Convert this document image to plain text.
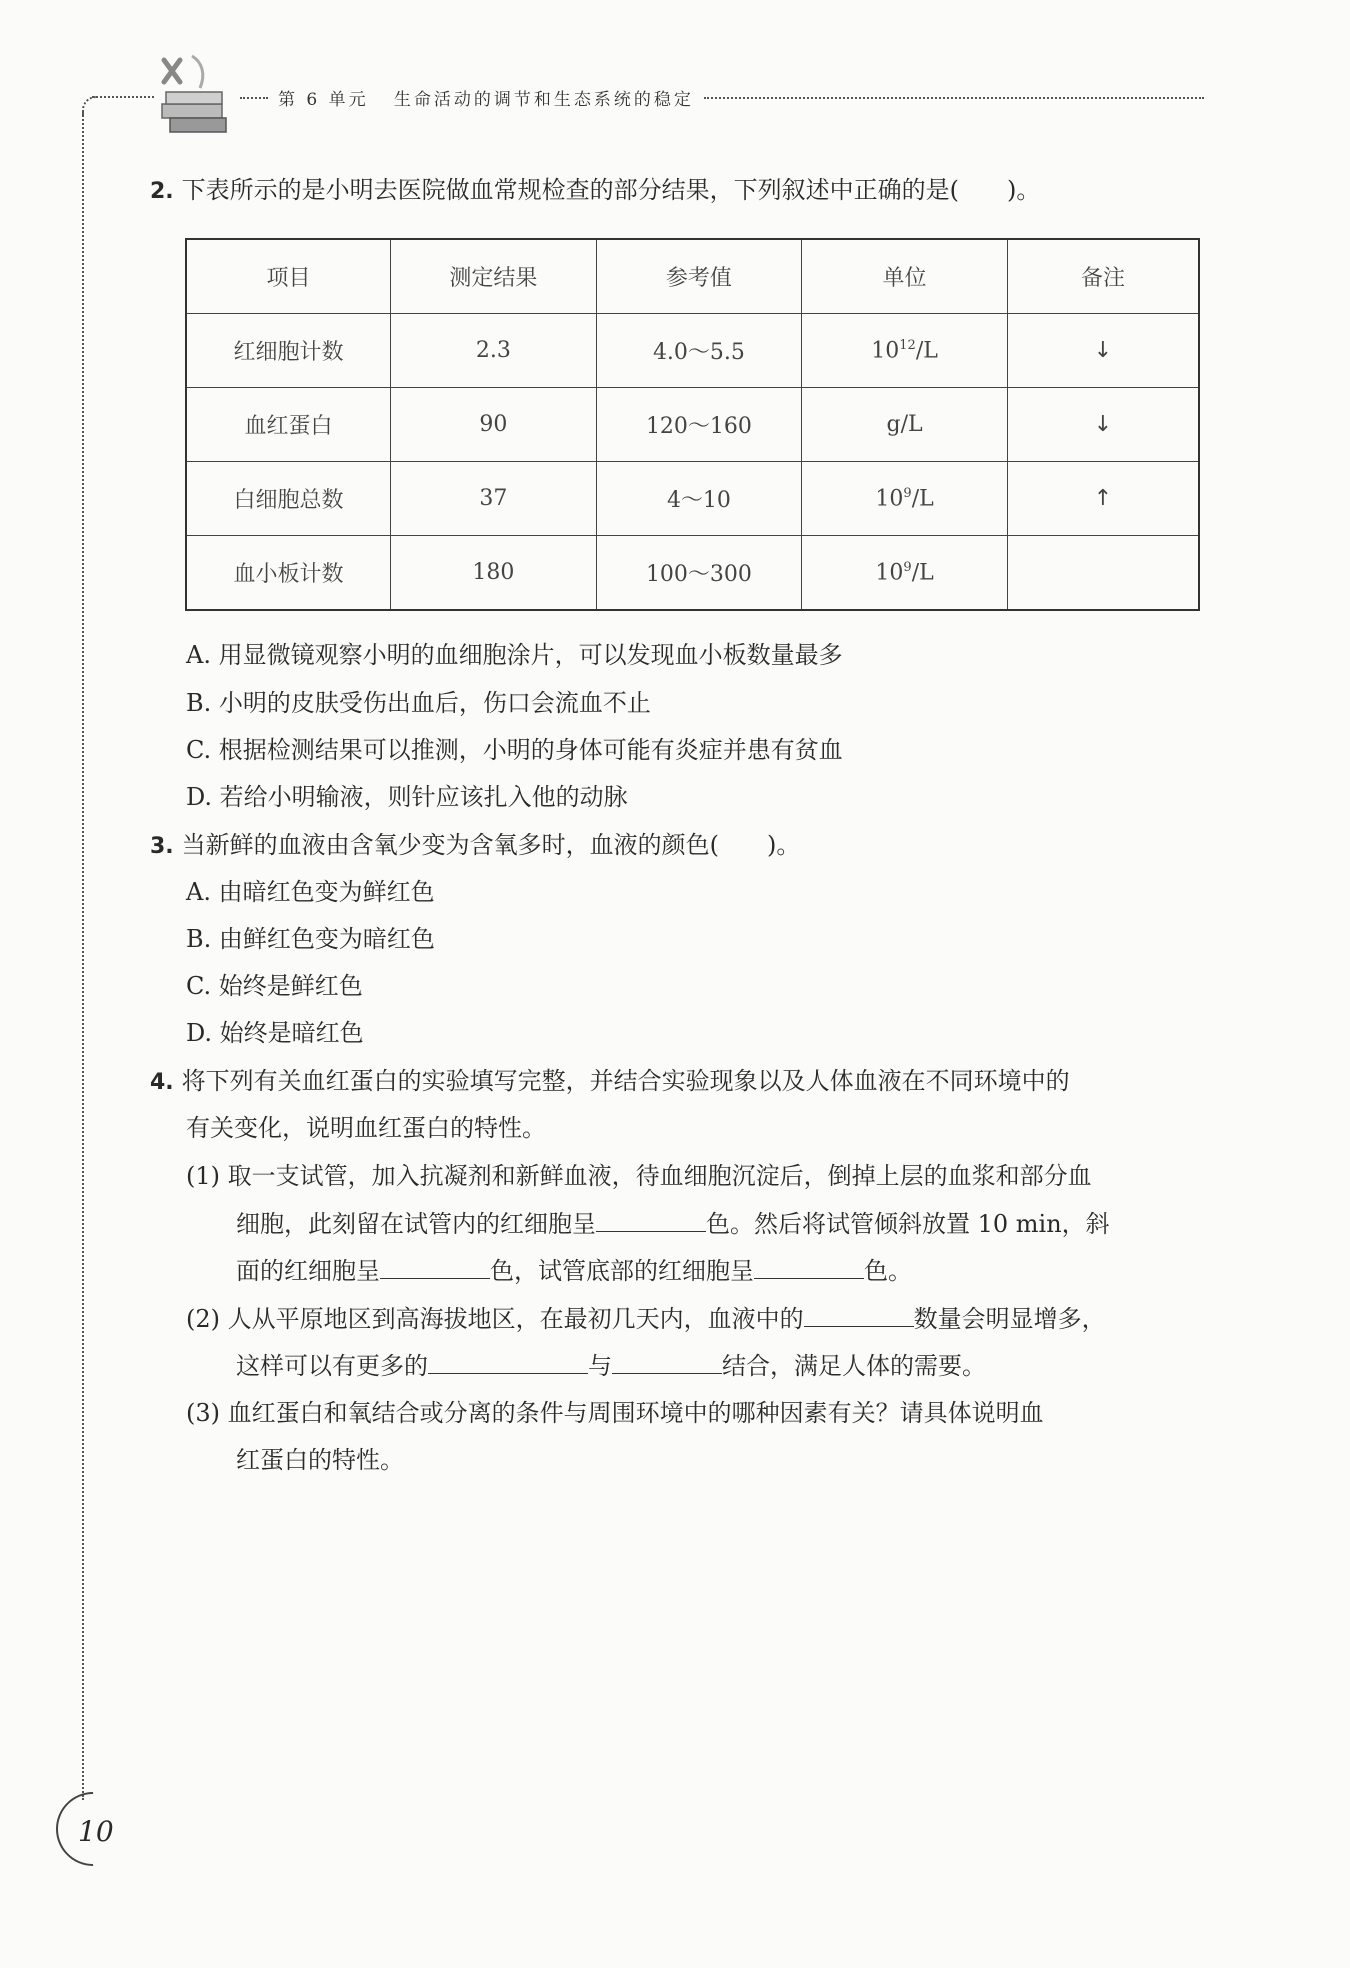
第 6 单元 生命活动的调节和生态系统的稳定
2. 下表所示的是小明去医院做血常规检查的部分结果，下列叙述中正确的是(　　)。
项目	测定结果	参考值	单位	备注
红细胞计数	2.3	4.0～5.5	$10^{12}/L$	↓
血红蛋白	90	120～160	g/L	↓
白细胞总数	37	4～10	$10^9/L$	↑
血小板计数	180	100～300	$10^9/L$	
A. 用显微镜观察小明的血细胞涂片，可以发现血小板数量最多
B. 小明的皮肤受伤出血后，伤口会流血不止
C. 根据检测结果可以推测，小明的身体可能有炎症并患有贫血
D. 若给小明输液，则针应该扎入他的动脉
3. 当新鲜的血液由含氧少变为含氧多时，血液的颜色(　　)。
A. 由暗红色变为鲜红色
B. 由鲜红色变为暗红色
C. 始终是鲜红色
D. 始终是暗红色
4. 将下列有关血红蛋白的实验填写完整，并结合实验现象以及人体血液在不同环境中的
有关变化，说明血红蛋白的特性。
(1) 取一支试管，加入抗凝剂和新鲜血液，待血细胞沉淀后，倒掉上层的血浆和部分血
细胞，此刻留在试管内的红细胞呈	色。然后将试管倾斜放置 10 min，斜
面的红细胞呈	色，试管底部的红细胞呈	色。
(2) 人从平原地区到高海拔地区，在最初几天内，血液中的	数量会明显增多，
这样可以有更多的	与	结合，满足人体的需要。
(3) 血红蛋白和氧结合或分离的条件与周围环境中的哪种因素有关？请具体说明血
红蛋白的特性。
10
